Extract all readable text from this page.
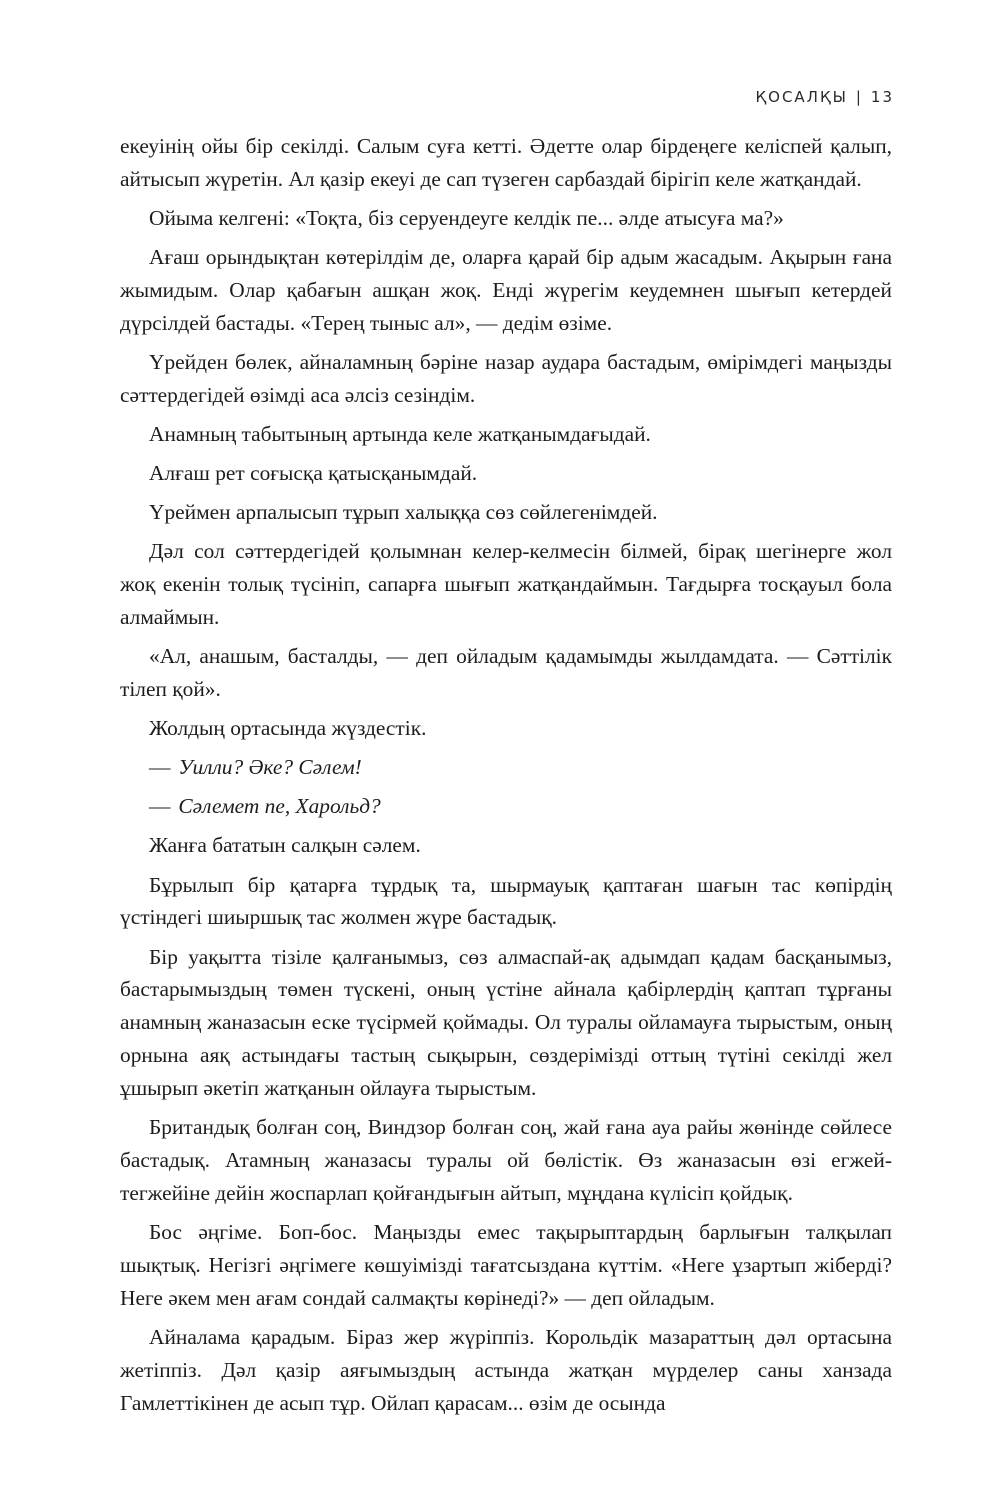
ҚОСАЛҚЫ | 13

екеуінің ойы бір секілді. Салым суға кетті. Әдетте олар бірдеңеге келіспей қалып, айтысып жүретін. Ал қазір екеуі де сап түзеген сарбаздай бірігіп келе жатқандай.

Ойыма келгені: «Тоқта, біз серуендеуге келдік пе... әлде атысуға ма?»

Ағаш орындықтан көтерілдім де, оларға қарай бір адым жасадым. Ақырын ғана жымидым. Олар қабағын ашқан жоқ. Енді жүрегім кеудемнен шығып кетердей дүрсілдей бастады. «Терең тыныс ал», — дедім өзіме.

Үрейден бөлек, айналамның бәріне назар аудара бастадым, өмірімдегі маңызды сәттердегідей өзімді аса әлсіз сезіндім.

Анамның табытының артында келе жатқанымдағыдай.

Алғаш рет соғысқа қатысқанымдай.

Үреймен арпалысып тұрып халыққа сөз сөйлегенімдей.

Дәл сол сәттердегідей қолымнан келер-келмесін білмей, бірақ шегінерге жол жоқ екенін толық түсініп, сапарға шығып жатқандаймын. Тағдырға тосқауыл бола алмаймын.

«Ал, анашым, басталды, — деп ойладым қадамымды жылдамдата. — Сәттілік тілеп қой».

Жолдың ортасында жүздестік.

— Уилли? Әке? Сәлем!

— Сәлемет пе, Харольд?

Жанға бататын салқын сәлем.

Бұрылып бір қатарға тұрдық та, шырмауық қаптаған шағын тас көпірдің үстіндегі шиыршық тас жолмен жүре бастадық.

Бір уақытта тізіле қалғанымыз, сөз алмаспай-ақ адымдап қадам басқанымыз, бастарымыздың төмен түскені, оның үстіне айнала қабірлердің қаптап тұрғаны анамның жаназасын еске түсірмей қоймады. Ол туралы ойламауға тырыстым, оның орнына аяқ астындағы тастың сықырын, сөздерімізді оттың түтіні секілді жел ұшырып әкетіп жатқанын ойлауға тырыстым.

Британдық болған соң, Виндзор болған соң, жай ғана ауа райы жөнінде сөйлесе бастадық. Атамның жаназасы туралы ой бөлістік. Өз жаназасын өзі егжей-тегжейіне дейін жоспарлап қойғандығын айтып, мұңдана күлісіп қойдық.

Бос әңгіме. Боп-бос. Маңызды емес тақырыптардың барлығын талқылап шықтық. Негізгі әңгімеге көшуімізді тағатсыздана күттім. «Неге ұзартып жіберді? Неге әкем мен ағам сондай салмақты көрінеді?» — деп ойладым.

Айналама қарадым. Біраз жер жүріппіз. Корольдік мазараттың дәл ортасына жетіппіз. Дәл қазір аяғымыздың астында жатқан мүрделер саны ханзада Гамлеттікінен де асып тұр. Ойлап қарасам... өзім де осында
